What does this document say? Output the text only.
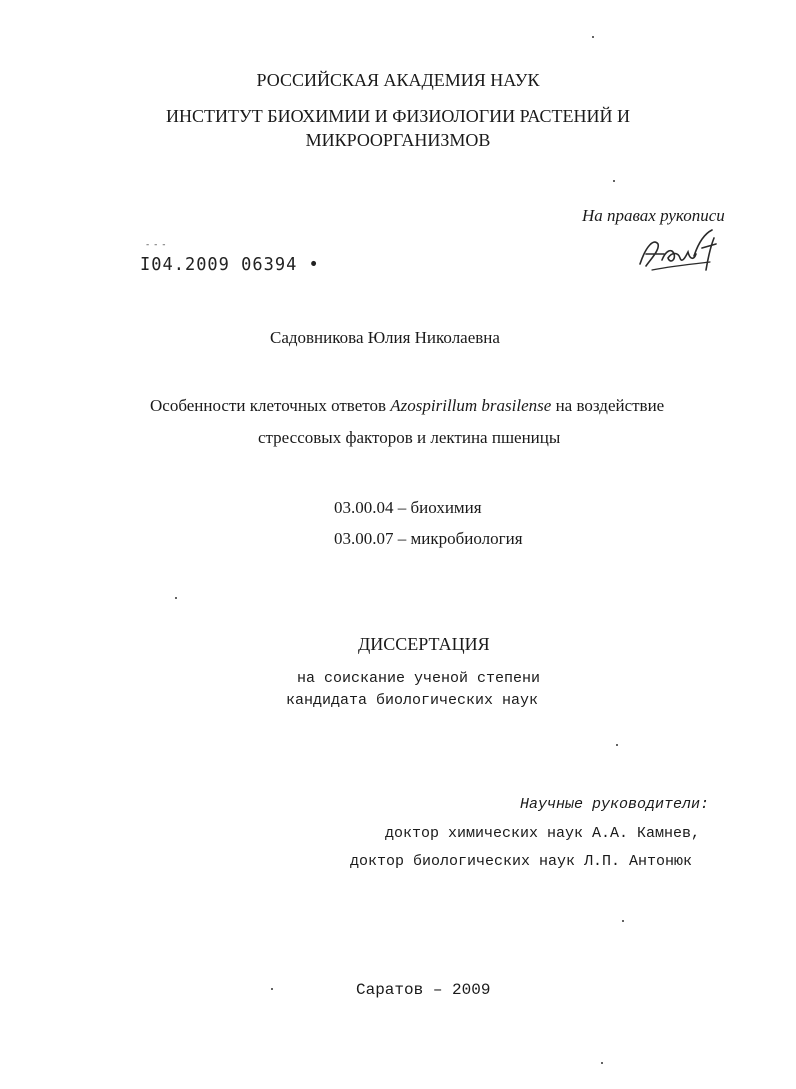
РОССИЙСКАЯ АКАДЕМИЯ НАУК
ИНСТИТУТ БИОХИМИИ И ФИЗИОЛОГИИ РАСТЕНИЙ И
МИКРООРГАНИЗМОВ
На правах рукописи
- - -
I04.2009 06394 •
Садовникова Юлия Николаевна
Особенности клеточных ответов Azospirillum brasilense на воздействие
стрессовых факторов и лектина пшеницы
03.00.04 – биохимия
03.00.07 – микробиология
ДИССЕРТАЦИЯ
на соискание ученой степени
кандидата биологических наук
Научные руководители:
доктор химических наук А.А. Камнев,
доктор биологических наук Л.П. Антонюк
Саратов – 2009
